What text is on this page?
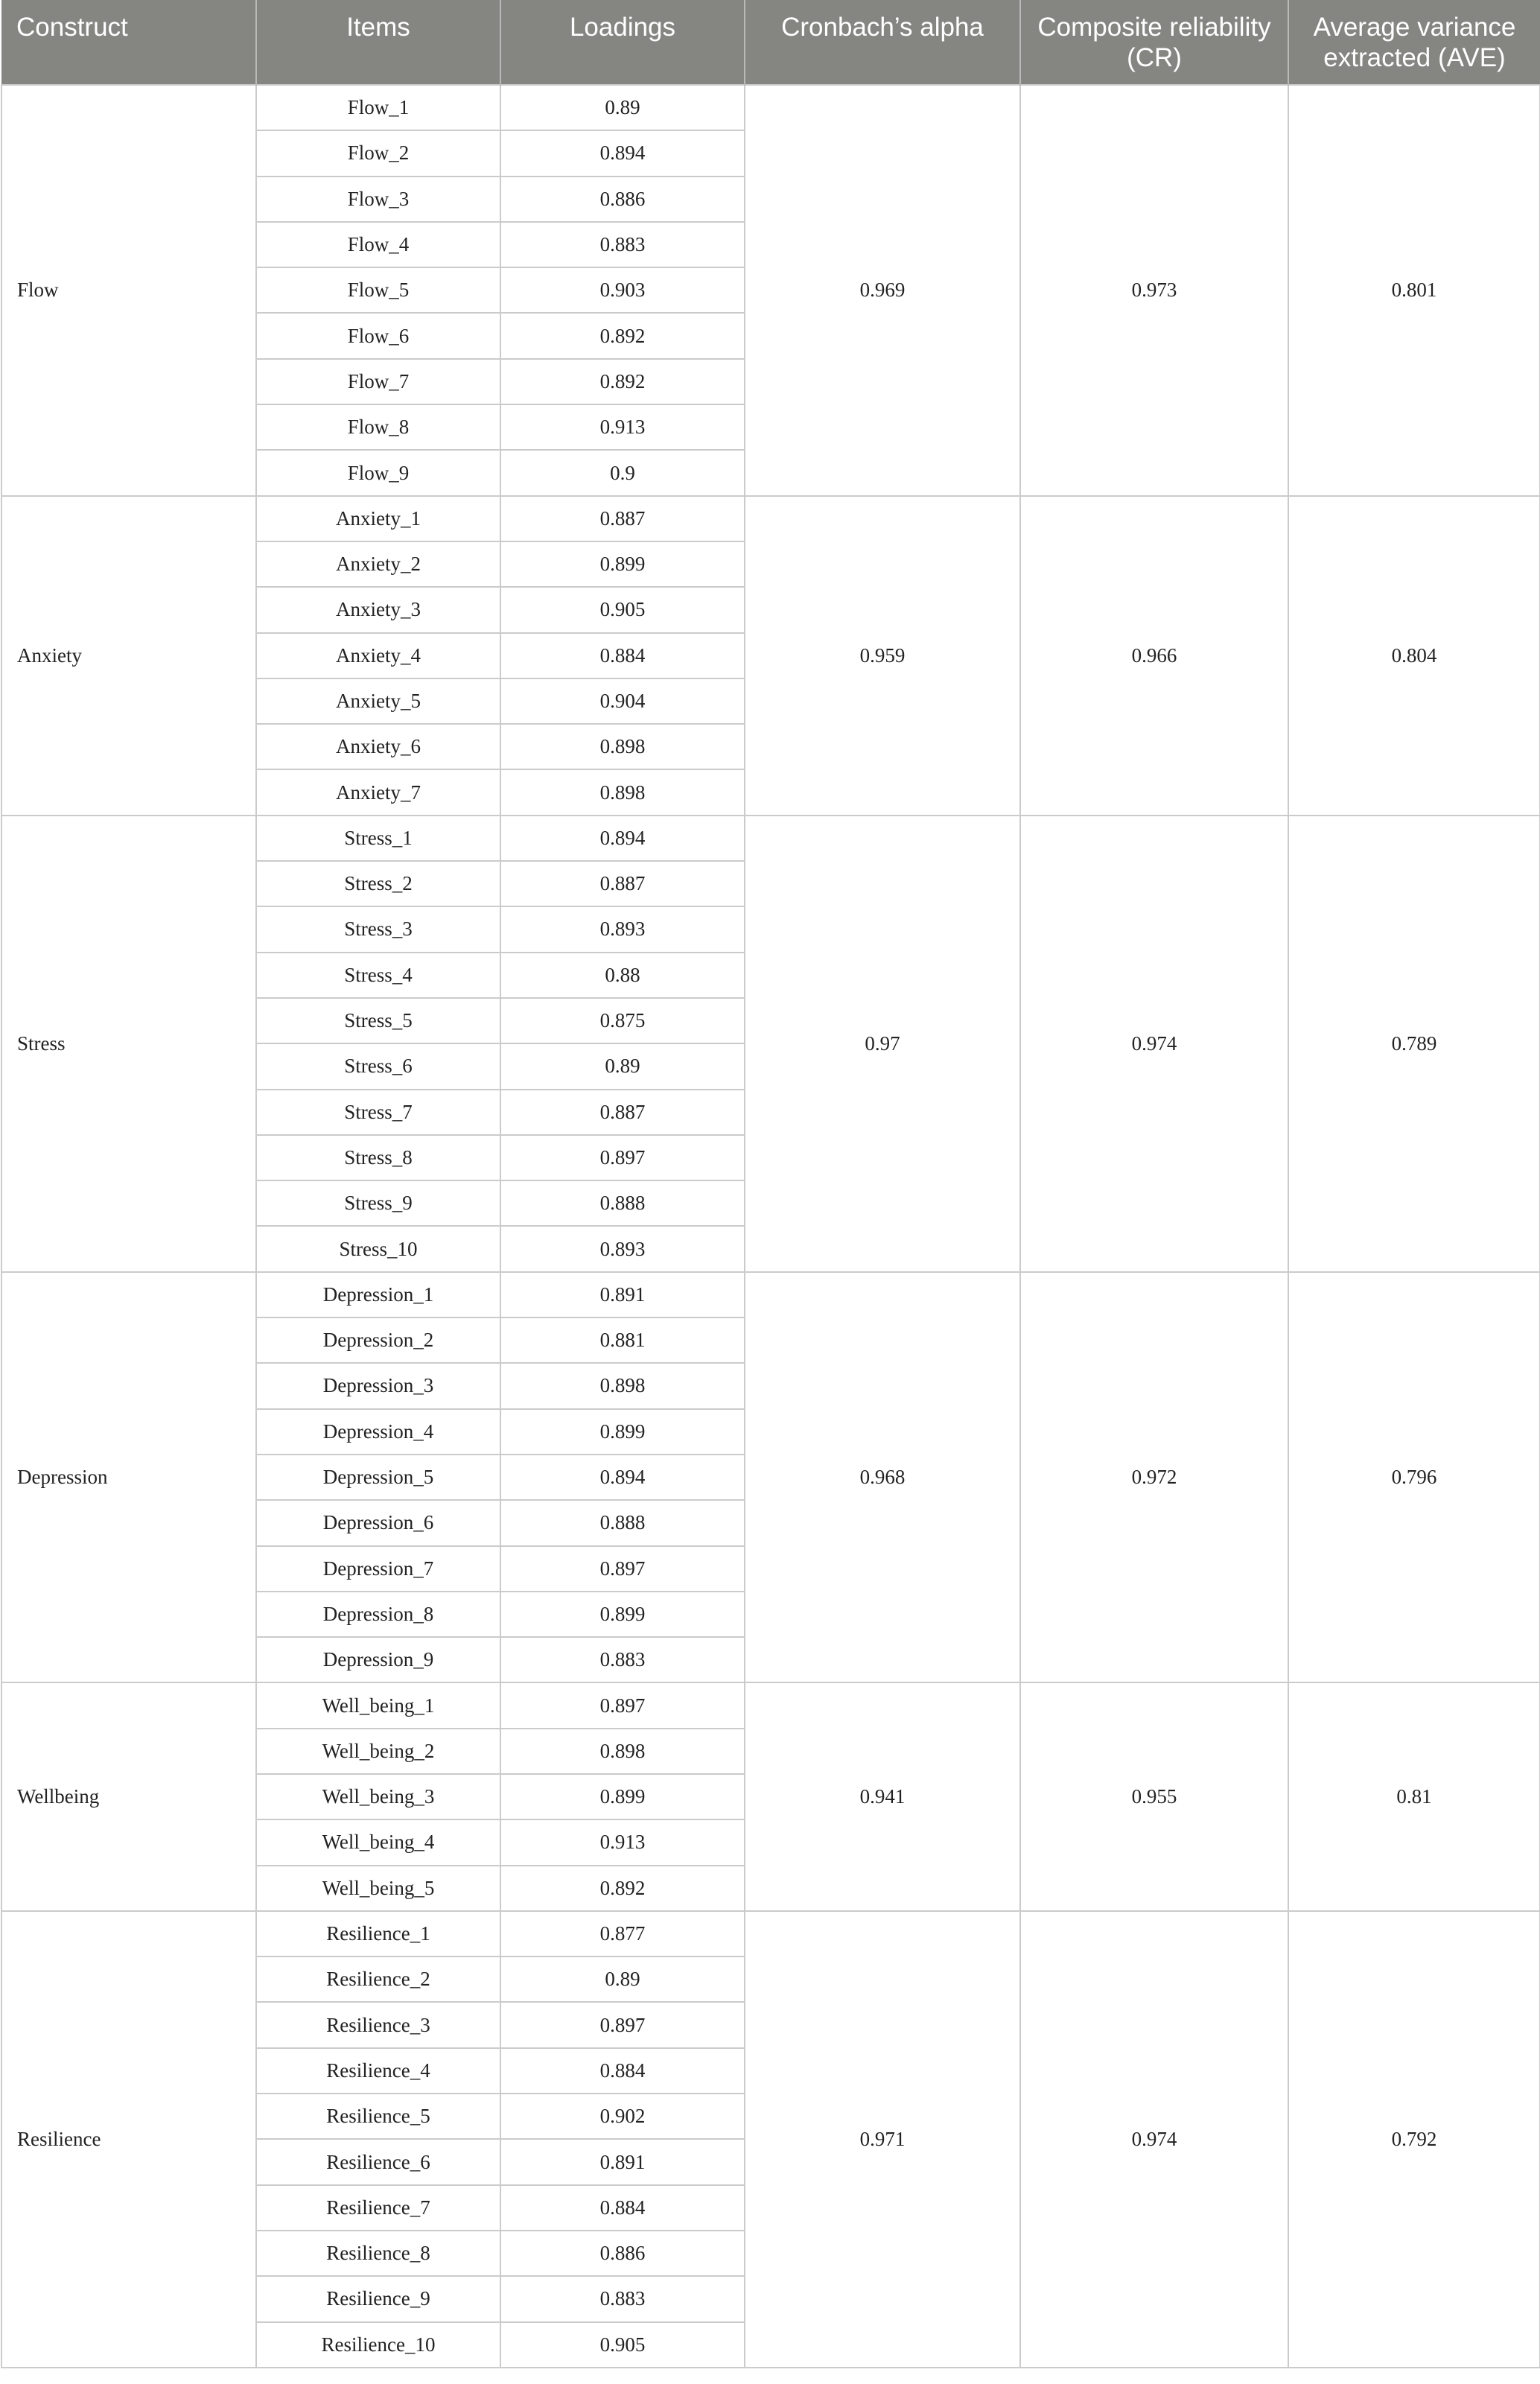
Construct	Items	Loadings	Cronbach’s alpha	Composite reliability (CR)	Average variance extracted (AVE)
Flow	Flow_1	0.89	0.969	0.973	0.801
	Flow_2	0.894			
	Flow_3	0.886			
	Flow_4	0.883			
	Flow_5	0.903			
	Flow_6	0.892			
	Flow_7	0.892			
	Flow_8	0.913			
	Flow_9	0.9			
Anxiety	Anxiety_1	0.887	0.959	0.966	0.804
	Anxiety_2	0.899			
	Anxiety_3	0.905			
	Anxiety_4	0.884			
	Anxiety_5	0.904			
	Anxiety_6	0.898			
	Anxiety_7	0.898			
Stress	Stress_1	0.894	0.97	0.974	0.789
	Stress_2	0.887			
	Stress_3	0.893			
	Stress_4	0.88			
	Stress_5	0.875			
	Stress_6	0.89			
	Stress_7	0.887			
	Stress_8	0.897			
	Stress_9	0.888			
	Stress_10	0.893			
Depression	Depression_1	0.891	0.968	0.972	0.796
	Depression_2	0.881			
	Depression_3	0.898			
	Depression_4	0.899			
	Depression_5	0.894			
	Depression_6	0.888			
	Depression_7	0.897			
	Depression_8	0.899			
	Depression_9	0.883			
Wellbeing	Well_being_1	0.897	0.941	0.955	0.81
	Well_being_2	0.898			
	Well_being_3	0.899			
	Well_being_4	0.913			
	Well_being_5	0.892			
Resilience	Resilience_1	0.877	0.971	0.974	0.792
	Resilience_2	0.89			
	Resilience_3	0.897			
	Resilience_4	0.884			
	Resilience_5	0.902			
	Resilience_6	0.891			
	Resilience_7	0.884			
	Resilience_8	0.886			
	Resilience_9	0.883			
	Resilience_10	0.905			
